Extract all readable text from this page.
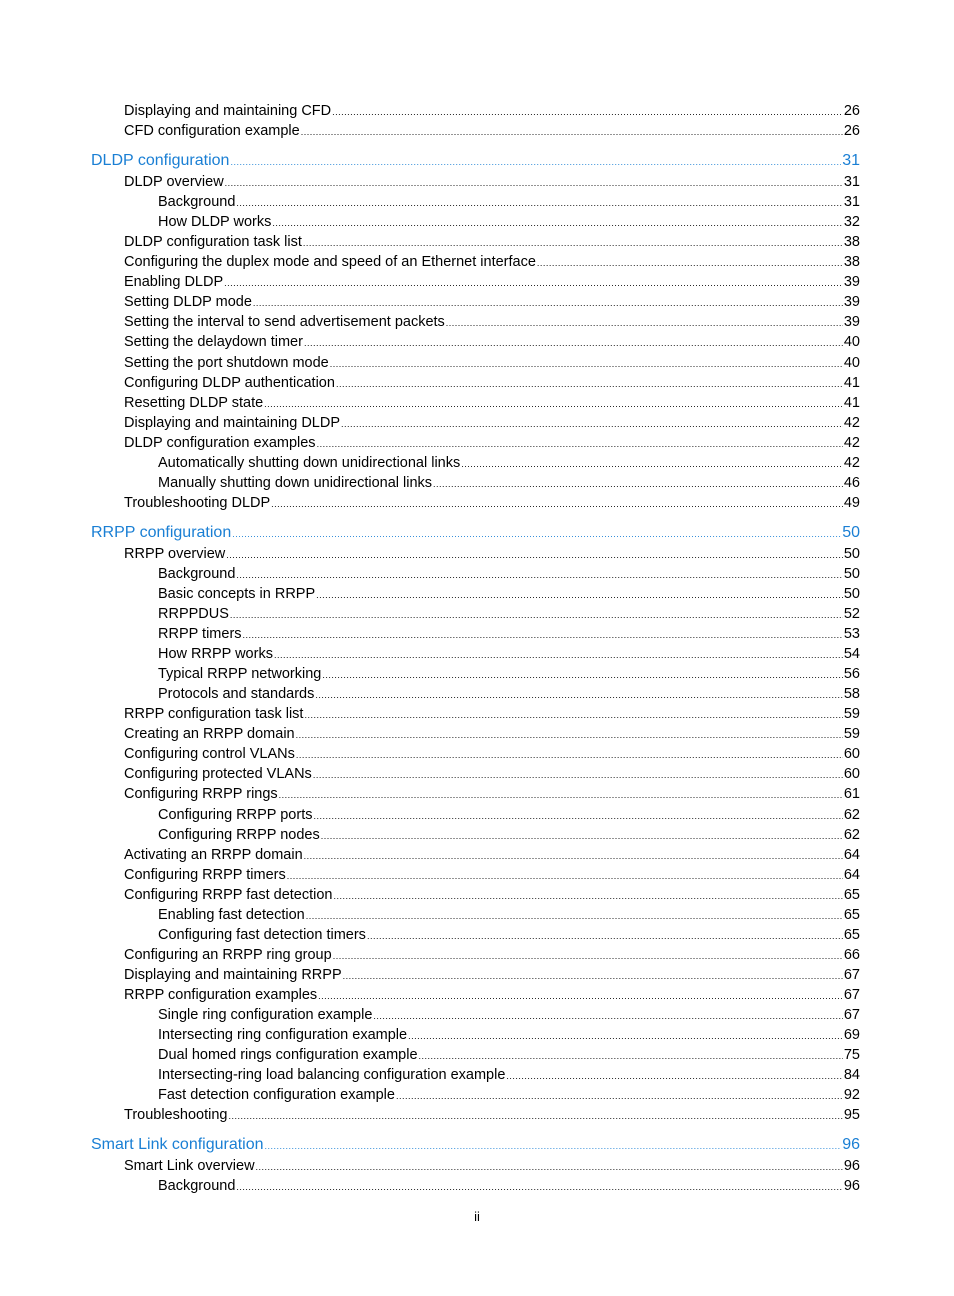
Displaying and maintaining CFD .....	26
CFD configuration example .....	26
DLDP configuration .....	31
DLDP overview .....	31
Background .....	31
How DLDP works .....	32
DLDP configuration task list .....	38
Configuring the duplex mode and speed of an Ethernet interface .....	38
Enabling DLDP .....	39
Setting DLDP mode .....	39
Setting the interval to send advertisement packets .....	39
Setting the delaydown timer .....	40
Setting the port shutdown mode .....	40
Configuring DLDP authentication .....	41
Resetting DLDP state .....	41
Displaying and maintaining DLDP .....	42
DLDP configuration examples .....	42
Automatically shutting down unidirectional links .....	42
Manually shutting down unidirectional links .....	46
Troubleshooting DLDP .....	49
RRPP configuration .....	50
RRPP overview .....	50
Background .....	50
Basic concepts in RRPP .....	50
RRPPDUS .....	52
RRPP timers .....	53
How RRPP works .....	54
Typical RRPP networking .....	56
Protocols and standards .....	58
RRPP configuration task list .....	59
Creating an RRPP domain .....	59
Configuring control VLANs .....	60
Configuring protected VLANs .....	60
Configuring RRPP rings .....	61
Configuring RRPP ports .....	62
Configuring RRPP nodes .....	62
Activating an RRPP domain .....	64
Configuring RRPP timers .....	64
Configuring RRPP fast detection .....	65
Enabling fast detection .....	65
Configuring fast detection timers .....	65
Configuring an RRPP ring group .....	66
Displaying and maintaining RRPP .....	67
RRPP configuration examples .....	67
Single ring configuration example .....	67
Intersecting ring configuration example .....	69
Dual homed rings configuration example .....	75
Intersecting-ring load balancing configuration example .....	84
Fast detection configuration example .....	92
Troubleshooting .....	95
Smart Link configuration .....	96
Smart Link overview .....	96
Background .....	96
ii
